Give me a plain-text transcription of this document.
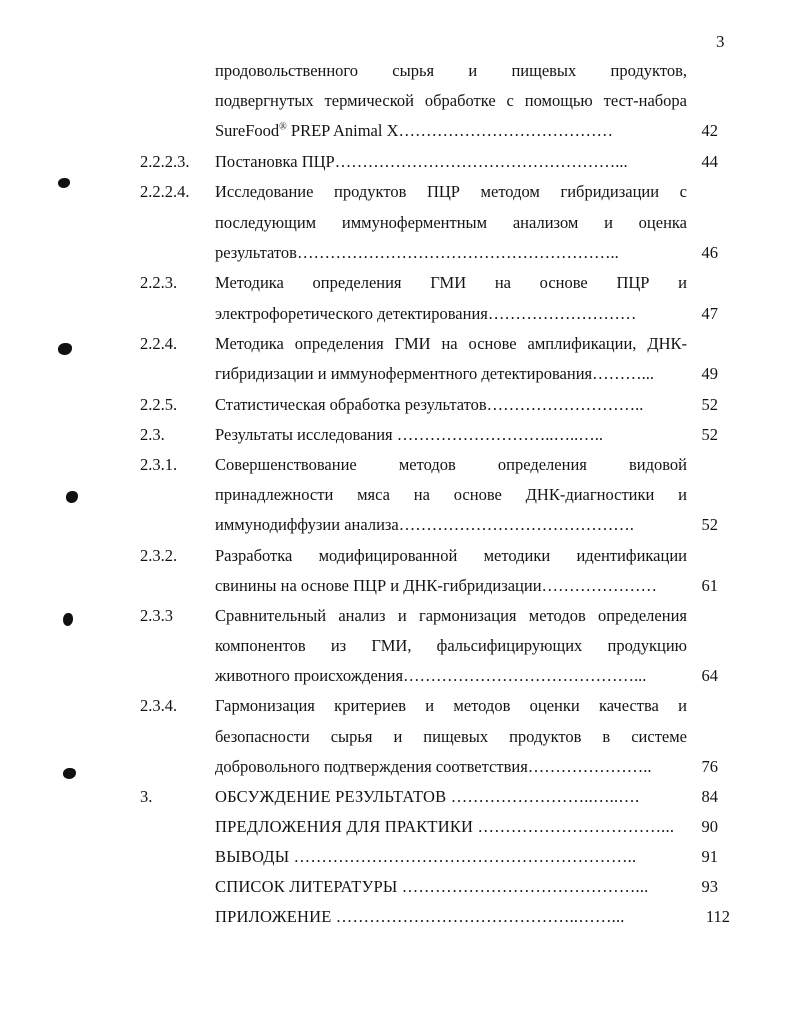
3
продовольственного сырья и пищевых продуктов,
подвергнутых термической обработке с помощью тест-набора
SureFood® PREP Animal X…………………………………	42
2.2.2.3. Постановка ПЦР……………………………………………...	44
2.2.2.4. Исследование продуктов ПЦР методом гибридизации с
последующим иммуноферментным анализом и оценка
результатов…………………………………………………..	46
2.2.3. Методика определения ГМИ на основе ПЦР и
электрофоретического детектирования………………………	47
2.2.4. Методика определения ГМИ на основе амплификации, ДНК-
гибридизации и иммуноферментного детектирования………...	49
2.2.5. Статистическая обработка результатов………………………..	52
2.3.	Результаты исследования ………………………..…..…..	52
2.3.1. Совершенствование методов определения видовой
принадлежности мяса на основе ДНК-диагностики и
иммунодиффузии анализа…………………………………….	52
2.3.2. Разработка модифицированной методики идентификации
свинины на основе ПЦР и ДНК-гибридизации…………………	61
2.3.3	Сравнительный анализ и гармонизация методов определения
компонентов из ГМИ, фальсифицирующих продукцию
животного происхождения……………………………………...	64
2.3.4. Гармонизация критериев и методов оценки качества и
безопасности сырья и пищевых продуктов в системе
добровольного подтверждения соответствия…………………..	76
3.	ОБСУЖДЕНИЕ РЕЗУЛЬТАТОВ ……………………..…..….	84
ПРЕДЛОЖЕНИЯ ДЛЯ ПРАКТИКИ ……………………………...	90
ВЫВОДЫ ……………………………………………………..	91
СПИСОК ЛИТЕРАТУРЫ ……………………………………...	93
ПРИЛОЖЕНИЕ ……………………………………..……...	112
